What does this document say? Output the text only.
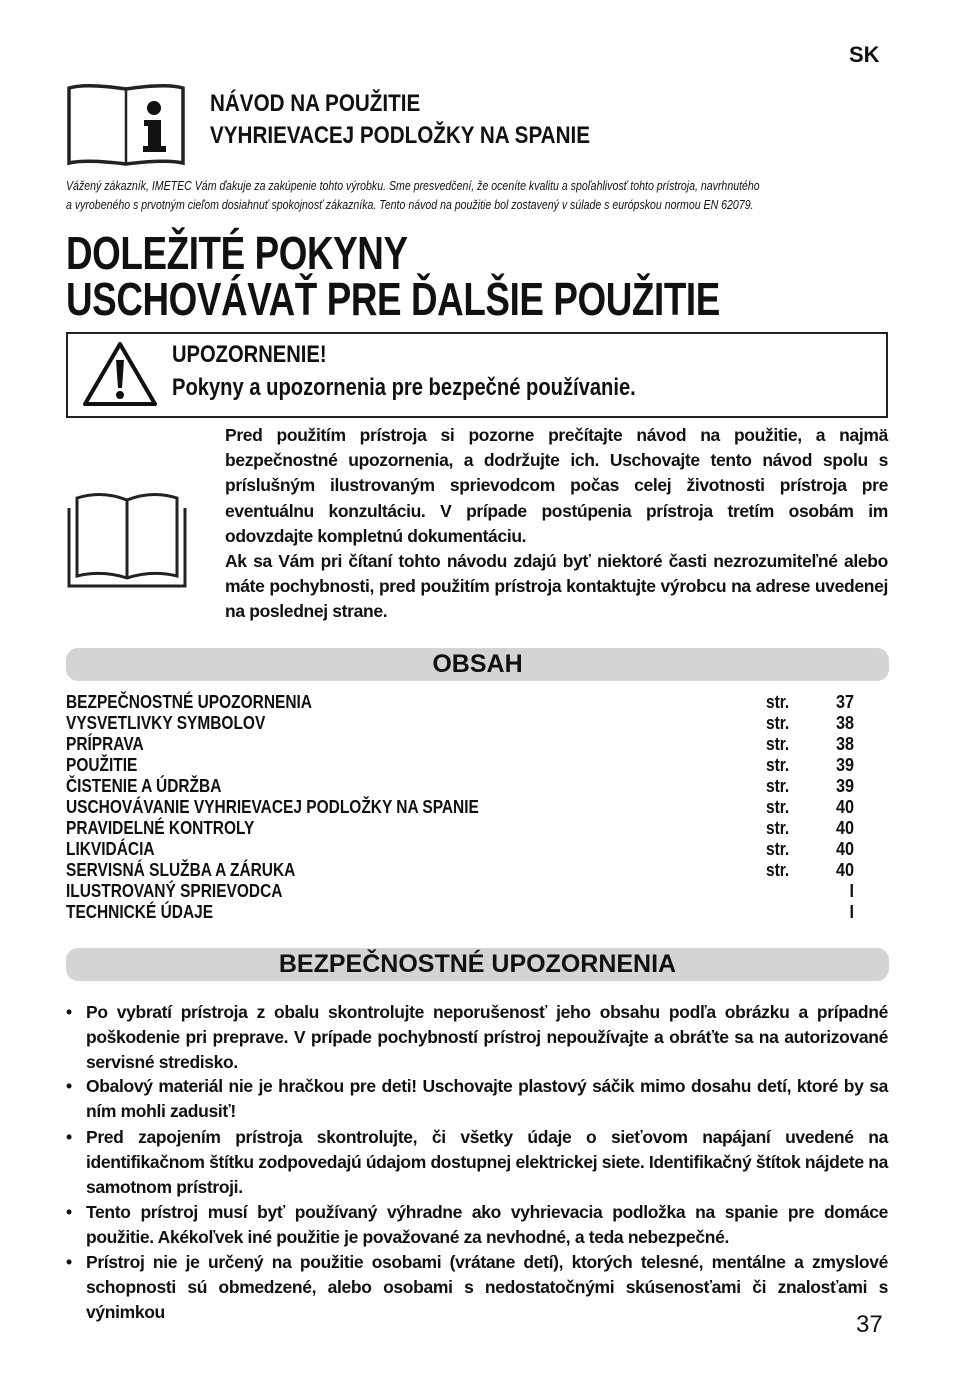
SK
NÁVOD NA POUŽITIE
VYHRIEVACEJ PODLOŽKY NA SPANIE
Vážený zákazník, IMETEC Vám ďakuje za zakúpenie tohto výrobku. Sme presvedčení, že oceníte kvalitu a spoľahlivosť tohto prístroja, navrhnutého
a vyrobeného s prvotným cieľom dosiahnuť spokojnosť zákazníka. Tento návod na použitie bol zostavený v súlade s európskou normou EN 62079.
DOLEŽITÉ POKYNY
USCHOVÁVAŤ PRE ĎALŠIE POUŽITIE
UPOZORNENIE!
Pokyny a upozornenia pre bezpečné používanie.
Pred použitím prístroja si pozorne prečítajte návod na použitie, a najmä bezpečnostné upozornenia, a dodržujte ich. Uschovajte tento návod spolu s príslušným ilustrovaným sprievodcom počas celej životnosti prístroja pre eventuálnu konzultáciu. V prípade postúpenia prístroja tretím osobám im odovzdajte kompletnú dokumentáciu.
Ak sa Vám pri čítaní tohto návodu zdajú byť niektoré časti nezrozumiteľné alebo máte pochybnosti, pred použitím prístroja kontaktujte výrobcu na adrese uvedenej na poslednej strane.
OBSAH
BEZPEČNOSTNÉ UPOZORNENIA	str.	37
VYSVETLIVKY SYMBOLOV	str.	38
PRÍPRAVA	str.	38
POUŽITIE	str.	39
ČISTENIE A ÚDRŽBA	str.	39
USCHOVÁVANIE VYHRIEVACEJ PODLOŽKY NA SPANIE	str.	40
PRAVIDELNÉ KONTROLY	str.	40
LIKVIDÁCIA	str.	40
SERVISNÁ SLUŽBA A ZÁRUKA	str.	40
ILUSTROVANÝ SPRIEVODCA	I
TECHNICKÉ ÚDAJE	I
BEZPEČNOSTNÉ UPOZORNENIA
• Po vybratí prístroja z obalu skontrolujte neporušenosť jeho obsahu podľa obrázku a prípadné poškodenie pri preprave. V prípade pochybností prístroj nepoužívajte a obráťte sa na autorizované servisné stredisko.
• Obalový materiál nie je hračkou pre deti! Uschovajte plastový sáčik mimo dosahu detí, ktoré by sa ním mohli zadusiť!
• Pred zapojením prístroja skontrolujte, či všetky údaje o sieťovom napájaní uvedené na identifikačnom štítku zodpovedajú údajom dostupnej elektrickej siete. Identifikačný štítok nájdete na samotnom prístroji.
• Tento prístroj musí byť používaný výhradne ako vyhrievacia podložka na spanie pre domáce použitie. Akékoľvek iné použitie je považované za nevhodné, a teda nebezpečné.
• Prístroj nie je určený na použitie osobami (vrátane detí), ktorých telesné, mentálne a zmyslové schopnosti sú obmedzené, alebo osobami s nedostatočnými skúsenosťami či znalosťami s výnimkou	37
